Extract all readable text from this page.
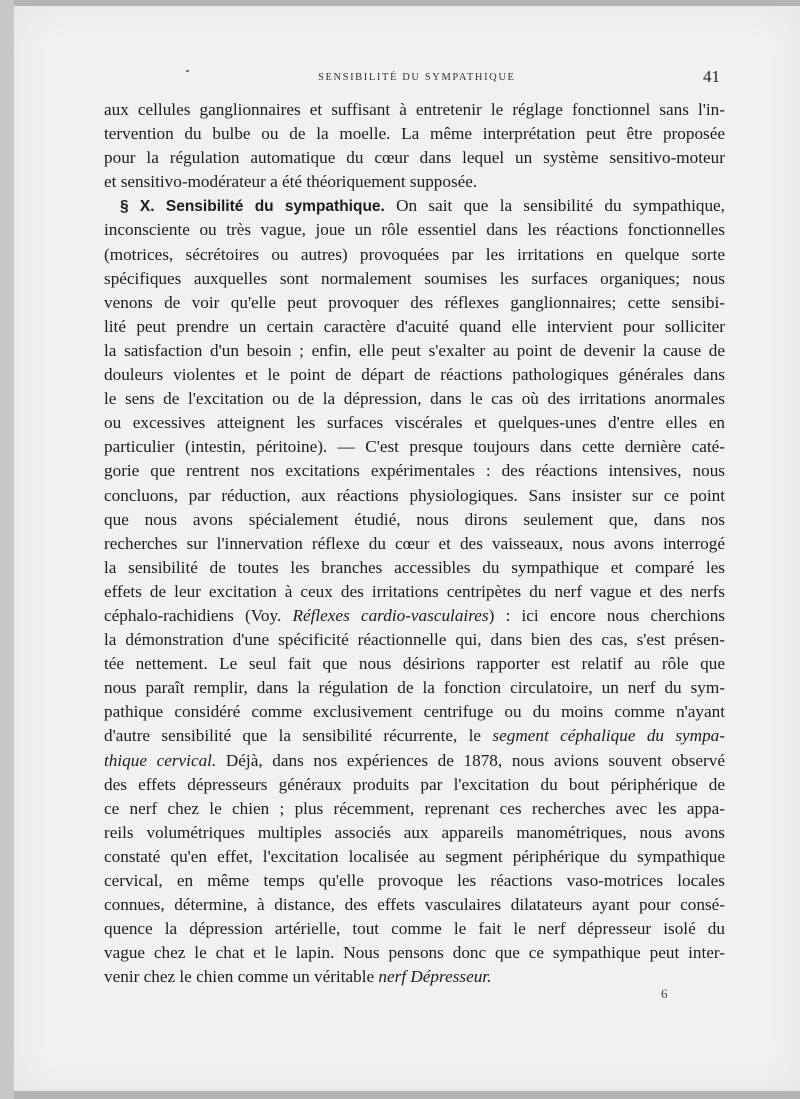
SENSIBILITÉ DU SYMPATHIQUE	41
aux cellules ganglionnaires et suffisant à entretenir le réglage fonctionnel sans l'in-
tervention du bulbe ou de la moelle. La même interprétation peut être proposée
pour la régulation automatique du cœur dans lequel un système sensitivo-moteur
et sensitivo-modérateur a été théoriquement supposée.
§ X. Sensibilité du sympathique. On sait que la sensibilité du sympathique,
inconsciente ou très vague, joue un rôle essentiel dans les réactions fonctionnelles
(motrices, sécrétoires ou autres) provoquées par les irritations en quelque sorte
spécifiques auxquelles sont normalement soumises les surfaces organiques; nous
venons de voir qu'elle peut provoquer des réflexes ganglionnaires; cette sensibi-
lité peut prendre un certain caractère d'acuité quand elle intervient pour solliciter
la satisfaction d'un besoin ; enfin, elle peut s'exalter au point de devenir la cause de
douleurs violentes et le point de départ de réactions pathologiques générales dans
le sens de l'excitation ou de la dépression, dans le cas où des irritations anormales
ou excessives atteignent les surfaces viscérales et quelques-unes d'entre elles en
particulier (intestin, péritoine). — C'est presque toujours dans cette dernière caté-
gorie que rentrent nos excitations expérimentales : des réactions intensives, nous
concluons, par réduction, aux réactions physiologiques. Sans insister sur ce point
que nous avons spécialement étudié, nous dirons seulement que, dans nos
recherches sur l'innervation réflexe du cœur et des vaisseaux, nous avons interrogé
la sensibilité de toutes les branches accessibles du sympathique et comparé les
effets de leur excitation à ceux des irritations centripètes du nerf vague et des nerfs
céphalo-rachidiens (Voy. Réflexes cardio-vasculaires) : ici encore nous cherchions
la démonstration d'une spécificité réactionnelle qui, dans bien des cas, s'est présen-
tée nettement. Le seul fait que nous désirions rapporter est relatif au rôle que
nous paraît remplir, dans la régulation de la fonction circulatoire, un nerf du sym-
pathique considéré comme exclusivement centrifuge ou du moins comme n'ayant
d'autre sensibilité que la sensibilité récurrente, le segment céphalique du sympa-
thique cervical. Déjà, dans nos expériences de 1878, nous avions souvent observé
des effets dépresseurs généraux produits par l'excitation du bout périphérique de
ce nerf chez le chien ; plus récemment, reprenant ces recherches avec les appa-
reils volumétriques multiples associés aux appareils manométriques, nous avons
constaté qu'en effet, l'excitation localisée au segment périphérique du sympathique
cervical, en même temps qu'elle provoque les réactions vaso-motrices locales
connues, détermine, à distance, des effets vasculaires dilatateurs ayant pour consé-
quence la dépression artérielle, tout comme le fait le nerf dépresseur isolé du
vague chez le chat et le lapin. Nous pensons donc que ce sympathique peut inter-
venir chez le chien comme un véritable nerf Dépresseur.
6
